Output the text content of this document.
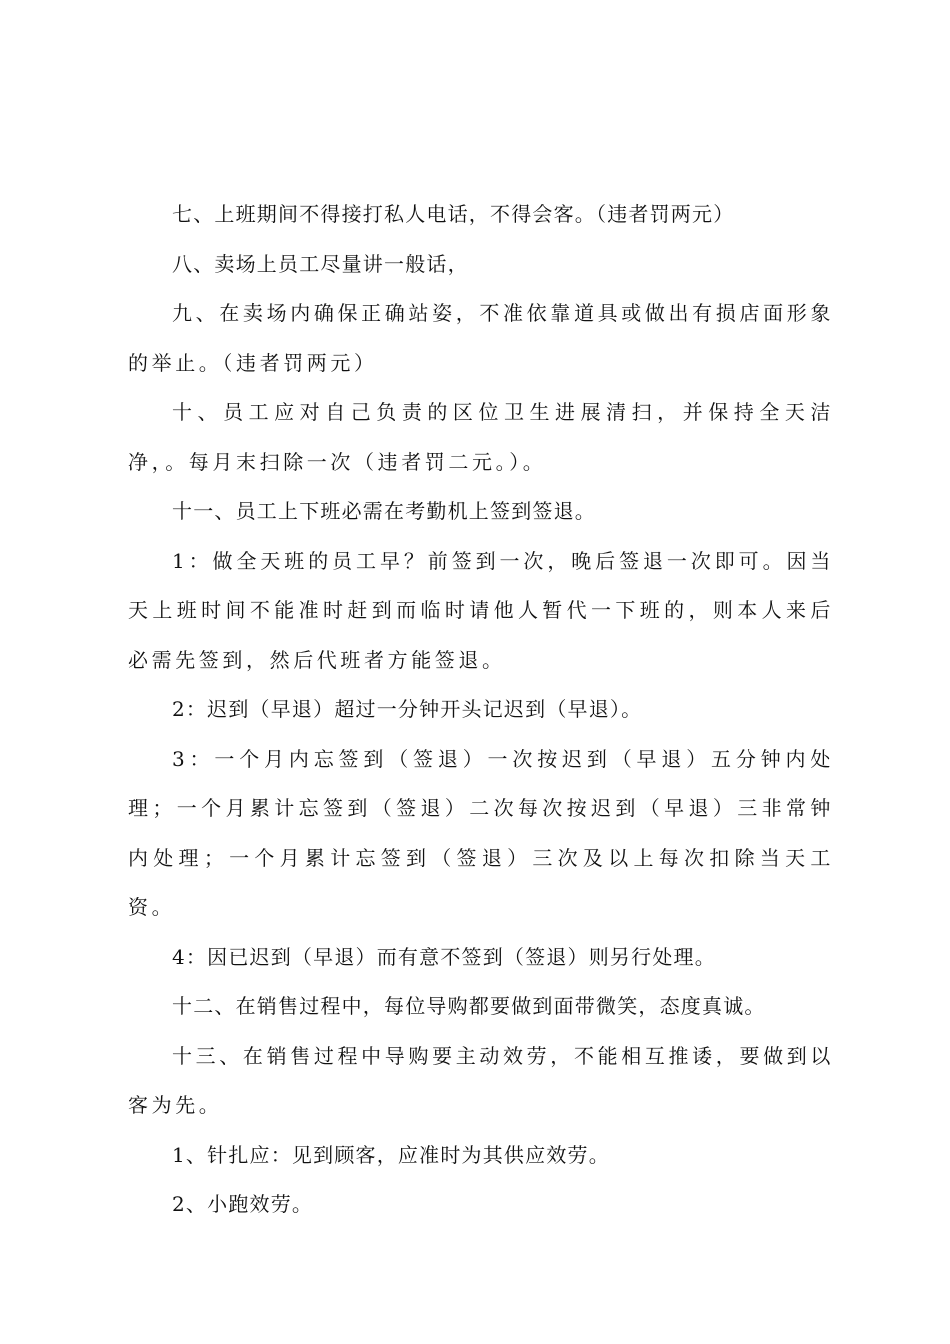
七、上班期间不得接打私人电话，不得会客。（违者罚两元）

八、卖场上员工尽量讲一般话，

九、在卖场内确保正确站姿，不准依靠道具或做出有损店面形象的举止。（违者罚两元）

十、员工应对自己负责的区位卫生进展清扫，并保持全天洁净，。每月末扫除一次（违者罚二元。）。

十一、员工上下班必需在考勤机上签到签退。

1：做全天班的员工早？前签到一次，晚后签退一次即可。因当天上班时间不能准时赶到而临时请他人暂代一下班的，则本人来后必需先签到，然后代班者方能签退。

2：迟到（早退）超过一分钟开头记迟到（早退）。

3：一个月内忘签到（签退）一次按迟到（早退）五分钟内处理；一个月累计忘签到（签退）二次每次按迟到（早退）三非常钟内处理；一个月累计忘签到（签退）三次及以上每次扣除当天工资。

4：因已迟到（早退）而有意不签到（签退）则另行处理。

十二、在销售过程中，每位导购都要做到面带微笑，态度真诚。

十三、在销售过程中导购要主动效劳，不能相互推诿，要做到以客为先。

1、针扎应：见到顾客，应准时为其供应效劳。

2、小跑效劳。
